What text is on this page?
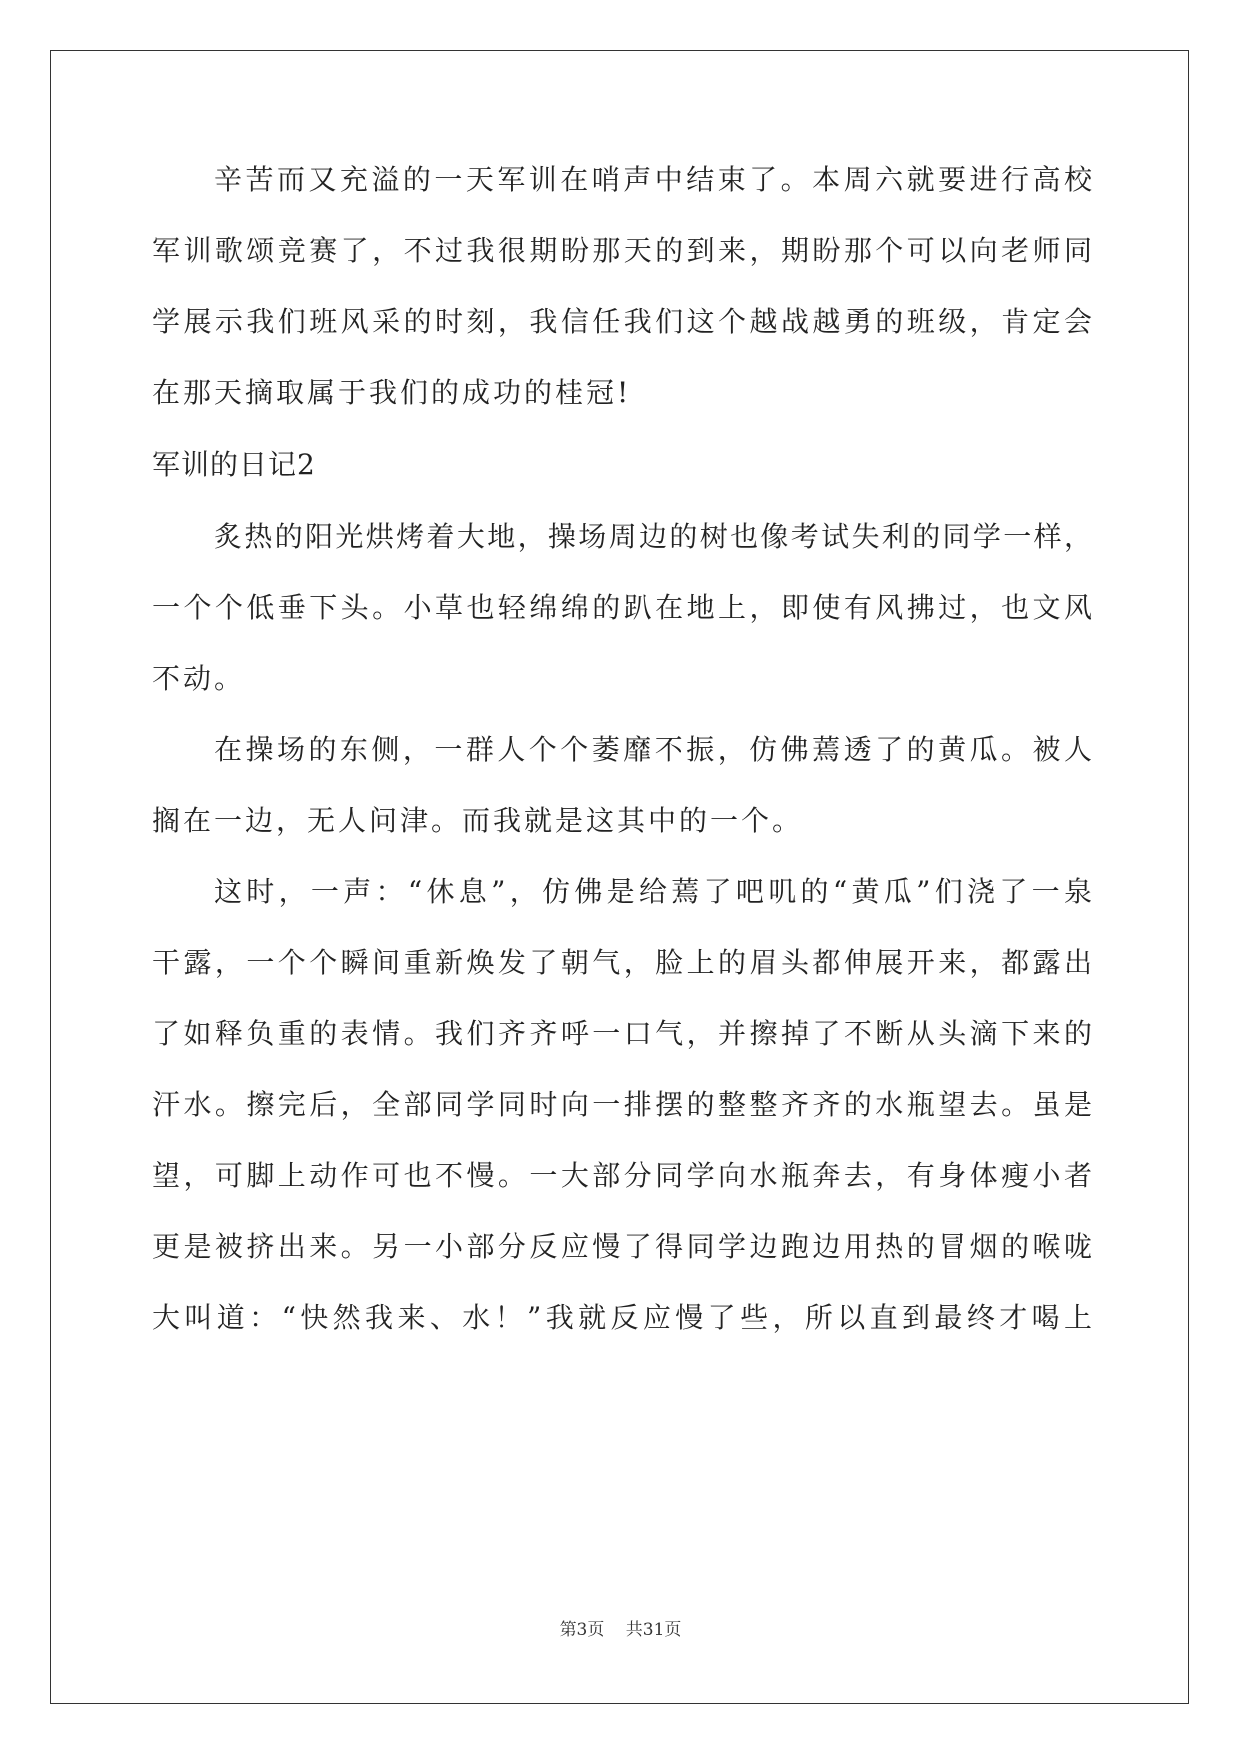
辛苦而又充溢的一天军训在哨声中结束了。本周六就要进行高校
军训歌颂竞赛了，不过我很期盼那天的到来，期盼那个可以向老师同
学展示我们班风采的时刻，我信任我们这个越战越勇的班级，肯定会
在那天摘取属于我们的成功的桂冠!
军训的日记2
炙热的阳光烘烤着大地，操场周边的树也像考试失利的同学一样，
一个个低垂下头。小草也轻绵绵的趴在地上，即使有风拂过，也文风
不动。
在操场的东侧，一群人个个萎靡不振，仿佛蔫透了的黄瓜。被人
搁在一边，无人问津。而我就是这其中的一个。
这时，一声：“休息”，仿佛是给蔫了吧叽的“黄瓜”们浇了一泉
干露，一个个瞬间重新焕发了朝气，脸上的眉头都伸展开来，都露出
了如释负重的表情。我们齐齐呼一口气，并擦掉了不断从头滴下来的
汗水。擦完后，全部同学同时向一排摆的整整齐齐的水瓶望去。虽是
望，可脚上动作可也不慢。一大部分同学向水瓶奔去，有身体瘦小者
更是被挤出来。另一小部分反应慢了得同学边跑边用热的冒烟的喉咙
大叫道：“快然我来、水！”我就反应慢了些，所以直到最终才喝上
第3页 共31页
